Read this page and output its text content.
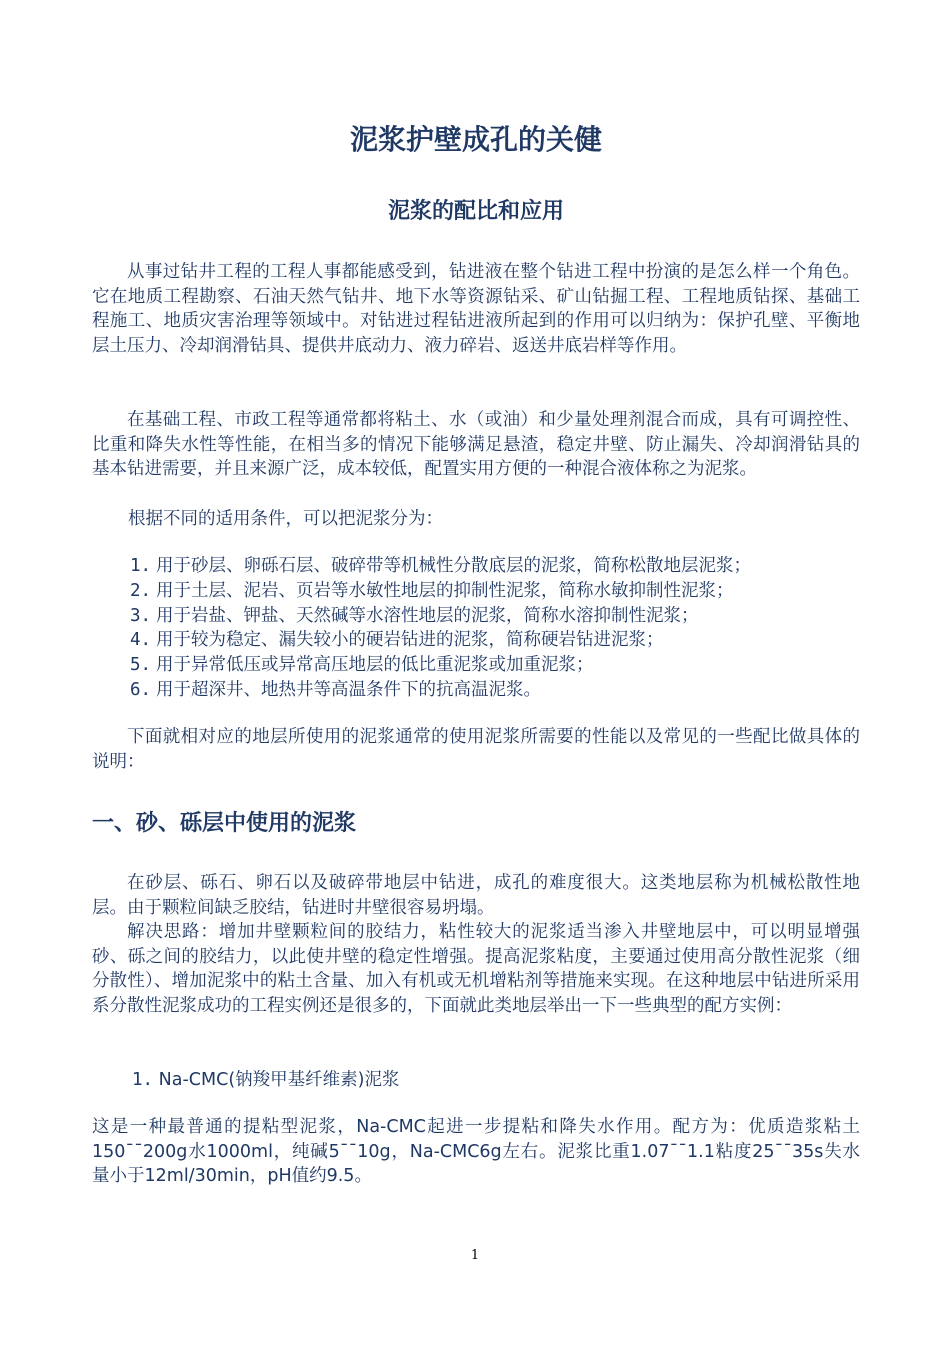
泥浆护壁成孔的关健
泥浆的配比和应用

从事过钻井工程的工程人事都能感受到，钻进液在整个钻进工程中扮演的是怎么样一个角色。它在地质工程勘察、石油天然气钻井、地下水等资源钻采、矿山钻掘工程、工程地质钻探、基础工程施工、地质灾害治理等领域中。对钻进过程钻进液所起到的作用可以归纳为：保护孔壁、平衡地层土压力、冷却润滑钻具、提供井底动力、液力碎岩、返送井底岩样等作用。

在基础工程、市政工程等通常都将粘土、水（或油）和少量处理剂混合而成，具有可调控性、比重和降失水性等性能，在相当多的情况下能够满足悬渣，稳定井壁、防止漏失、冷却润滑钻具的基本钻进需要，并且来源广泛，成本较低，配置实用方便的一种混合液体称之为泥浆。

根据不同的适用条件，可以把泥浆分为：
1. 用于砂层、卵砾石层、破碎带等机械性分散底层的泥浆，简称松散地层泥浆；
2. 用于土层、泥岩、页岩等水敏性地层的抑制性泥浆，简称水敏抑制性泥浆；
3. 用于岩盐、钾盐、天然碱等水溶性地层的泥浆，简称水溶抑制性泥浆；
4. 用于较为稳定、漏失较小的硬岩钻进的泥浆，简称硬岩钻进泥浆；
5. 用于异常低压或异常高压地层的低比重泥浆或加重泥浆；
6. 用于超深井、地热井等高温条件下的抗高温泥浆。

下面就相对应的地层所使用的泥浆通常的使用泥浆所需要的性能以及常见的一些配比做具体的说明：

一、砂、砾层中使用的泥浆

在砂层、砾石、卵石以及破碎带地层中钻进，成孔的难度很大。这类地层称为机械松散性地层。由于颗粒间缺乏胶结，钻进时井壁很容易坍塌。

解决思路：增加井壁颗粒间的胶结力，粘性较大的泥浆适当渗入井壁地层中，可以明显增强砂、砾之间的胶结力，以此使井壁的稳定性增强。提高泥浆粘度，主要通过使用高分散性泥浆（细分散性）、增加泥浆中的粘土含量、加入有机或无机增粘剂等措施来实现。在这种地层中钻进所采用系分散性泥浆成功的工程实例还是很多的，下面就此类地层举出一下一些典型的配方实例：

1. Na-CMC(钠羧甲基纤维素)泥浆

这是一种最普通的提粘型泥浆，Na-CMC起进一步提粘和降失水作用。配方为：优质造浆粘土150¯¯200g水1000ml，纯碱5¯¯10g，Na-CMC6g左右。泥浆比重1.07¯¯1.1粘度25¯¯35s失水量小于12ml/30min，pH值约9.5。

1
